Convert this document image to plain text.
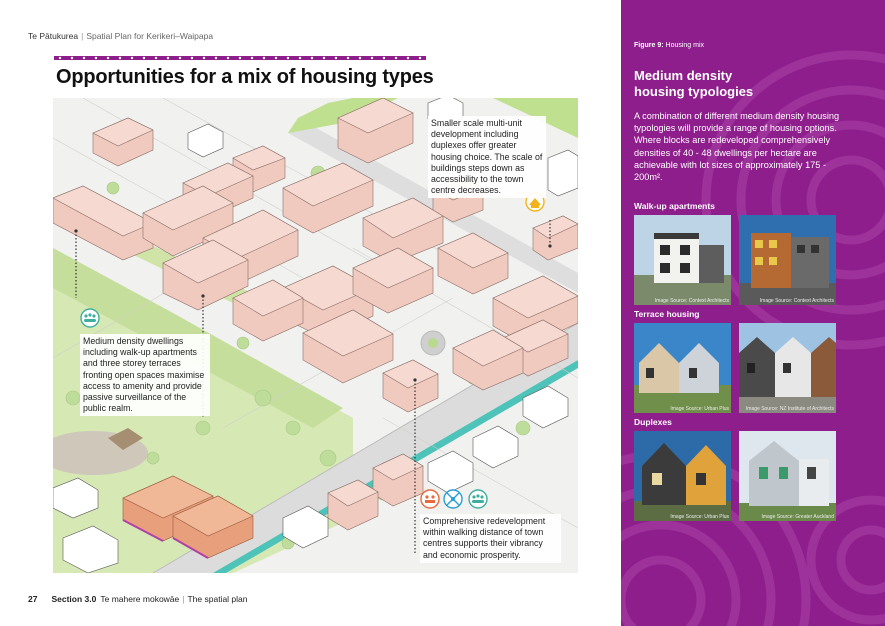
Te Pātukurea | Spatial Plan for Kerikeri–Waipapa
Opportunities for a mix of housing types
Smaller scale multi-unit development including duplexes offer greater housing choice. The scale of buildings steps down as accessibility to the town centre decreases.
Medium density dwellings including walk-up apartments and three storey terraces fronting open spaces maximise access to amenity and provide passive surveillance of the public realm.
Comprehensive redevelopment within walking distance of town centres supports their vibrancy and economic prosperity.
27 Section 3.0 Te mahere mokowāe | The spatial plan
Figure 9: Housing mix
Medium density
housing typologies
A combination of different medium density housing typologies will provide a range of housing options. Where blocks are redeveloped comprehensively densities of 40 - 48 dwellings per hectare are achievable with lot sizes of approximately 175 - 200m².
Walk-up apartments
Image Source: Context Architects	Image Source: Context Architects
Terrace housing
Image Source: Urban Plus	Image Source: NZ Institute of Architects
Duplexes
Image Source: Urban Plus	Image Source: Greater Auckland
